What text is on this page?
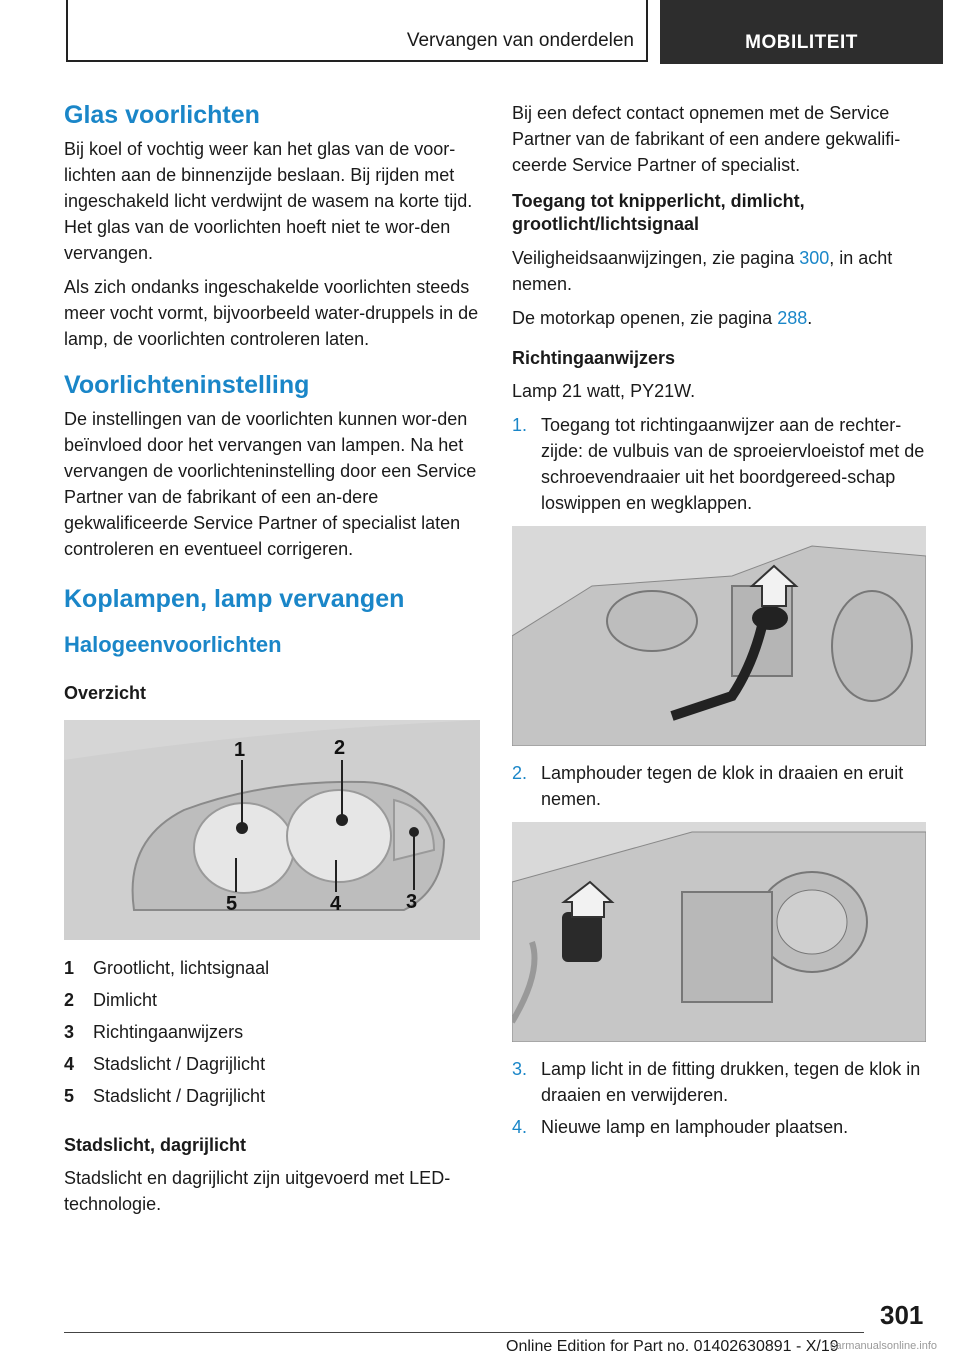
Vervangen van onderdelen	MOBILITEIT
Glas voorlichten

Bij koel of vochtig weer kan het glas van de voor-lichten aan de binnenzijde beslaan. Bij rijden met ingeschakeld licht verdwijnt de wasem na korte tijd. Het glas van de voorlichten hoeft niet te wor-den vervangen.

Als zich ondanks ingeschakelde voorlichten steeds meer vocht vormt, bijvoorbeeld water-druppels in de lamp, de voorlichten controleren laten.

Voorlichteninstelling

De instellingen van de voorlichten kunnen wor-den beïnvloed door het vervangen van lampen. Na het vervangen de voorlichteninstelling door een Service Partner van de fabrikant of een an-dere gekwalificeerde Service Partner of specialist laten controleren en eventueel corrigeren.

Koplampen, lamp vervangen
Halogeenvoorlichten
Overzicht
1	2
5	4	3
1	Grootlicht, lichtsignaal
2	Dimlicht
3	Richtingaanwijzers
4	Stadslicht / Dagrijlicht
5	Stadslicht / Dagrijlicht
Stadslicht, dagrijlicht

Stadslicht en dagrijlicht zijn uitgevoerd met LED-technologie.

Bij een defect contact opnemen met de Service Partner van de fabrikant of een andere gekwalifi-ceerde Service Partner of specialist.

Toegang tot knipperlicht, dimlicht, grootlicht/lichtsignaal

Veiligheidsaanwijzingen, zie pagina 300, in acht nemen.

De motorkap openen, zie pagina 288.

Richtingaanwijzers

Lamp 21 watt, PY21W.

1. Toegang tot richtingaanwijzer aan de rechter-zijde: de vulbuis van de sproeiervloeistof met de schroevendraaier uit het boordgereed-schap loswippen en wegklappen.
2. Lamphouder tegen de klok in draaien en eruit nemen.
3. Lamp licht in de fitting drukken, tegen de klok in draaien en verwijderen.
4. Nieuwe lamp en lamphouder plaatsen.
301
Online Edition for Part no. 01402630891 - X/19
carmanualsonline.info
